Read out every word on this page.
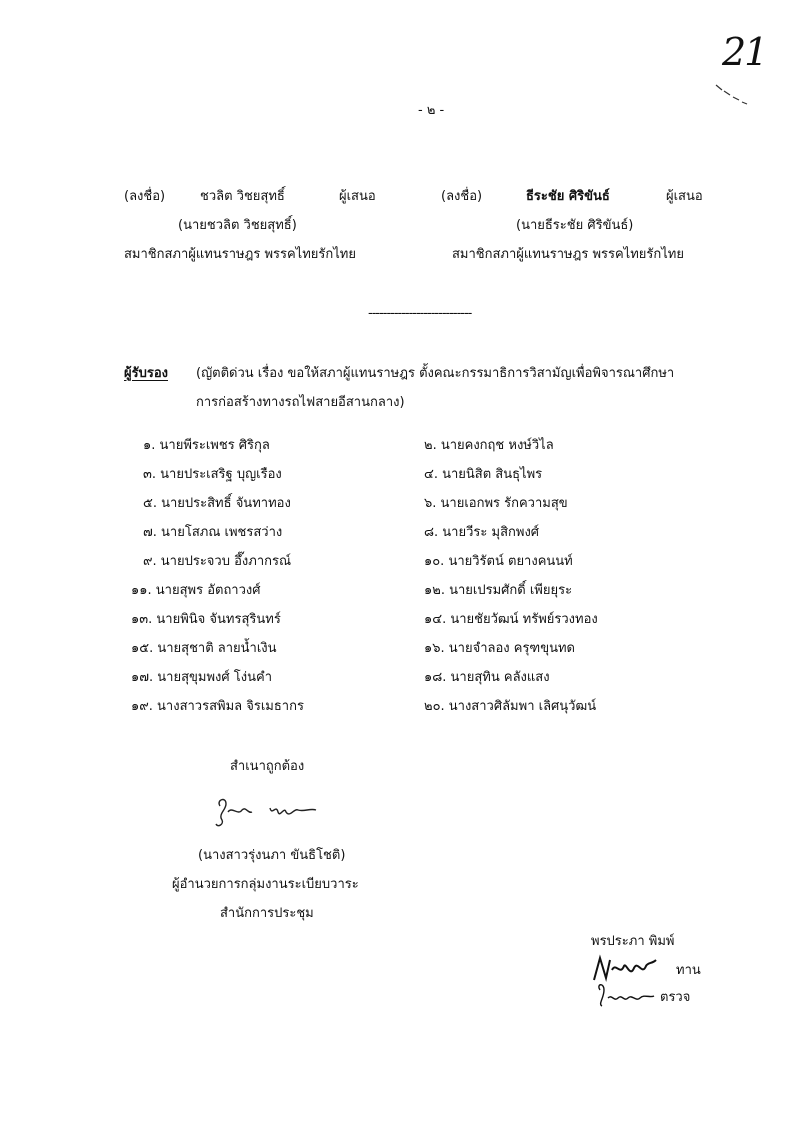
21
- ๒ -
(ลงชื่อ)	ชวลิต วิชยสุทธิ์	ผู้เสนอ
(นายชวลิต วิชยสุทธิ์)
สมาชิกสภาผู้แทนราษฎร พรรคไทยรักไทย
(ลงชื่อ)	ธีระชัย ศิริขันธ์	ผู้เสนอ
(นายธีระชัย ศิริขันธ์)
สมาชิกสภาผู้แทนราษฎร พรรคไทยรักไทย
----------------------------
ผู้รับรอง (ญัตติด่วน เรื่อง ขอให้สภาผู้แทนราษฎร ตั้งคณะกรรมาธิการวิสามัญเพื่อพิจารณาศึกษา
การก่อสร้างทางรถไฟสายอีสานกลาง)
๑. นายพีระเพชร ศิริกุล	๒. นายคงกฤช หงษ์วิไล
๓. นายประเสริฐ บุญเรือง	๔. นายนิสิต สินธุไพร
๕. นายประสิทธิ์ จันทาทอง	๖. นายเอกพร รักความสุข
๗. นายโสภณ เพชรสว่าง	๘. นายวีระ มุสิกพงศ์
๙. นายประจวบ อึ๊งภากรณ์	๑๐. นายวิรัตน์ ตยางคนนท์
๑๑. นายสุพร อัตถาวงศ์	๑๒. นายเปรมศักดิ์ เพียยุระ
๑๓. นายพินิจ จันทรสุรินทร์	๑๔. นายชัยวัฒน์ ทรัพย์รวงทอง
๑๕. นายสุชาติ ลายน้ำเงิน	๑๖. นายจำลอง ครุฑขุนทด
๑๗. นายสุขุมพงศ์ โง่นคำ	๑๘. นายสุทิน คลังแสง
๑๙. นางสาวรสพิมล จิรเมธากร	๒๐. นางสาวศิลัมพา เลิศนุวัฒน์
สำเนาถูกต้อง
(นางสาวรุ่งนภา ขันธิโชติ)
ผู้อำนวยการกลุ่มงานระเบียบวาระ
สำนักการประชุม
พรประภา พิมพ์
ทาน
ตรวจ
